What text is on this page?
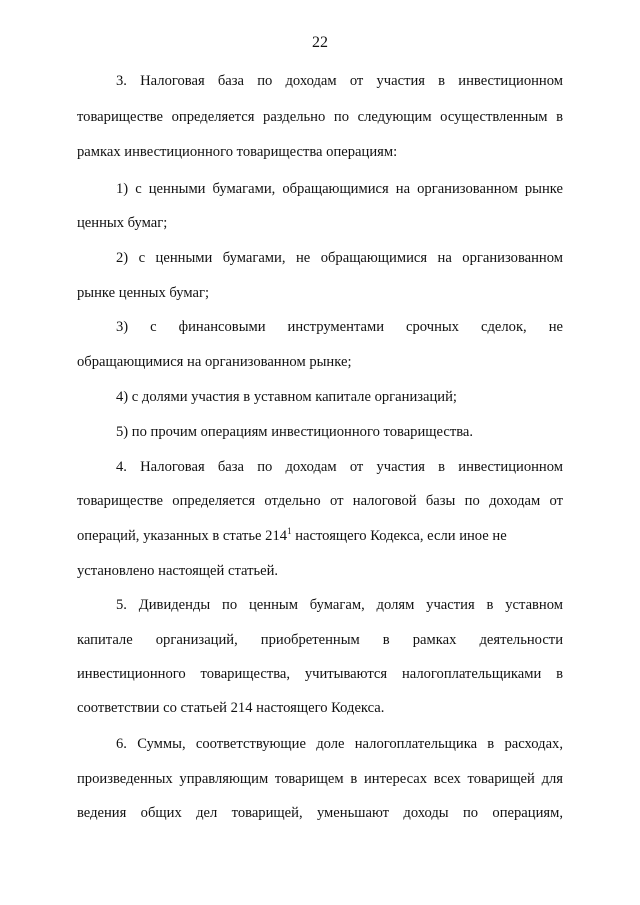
22
3. Налоговая база по доходам от участия в инвестиционном
товариществе определяется раздельно по следующим осуществленным в
рамках инвестиционного товарищества операциям:
1) с ценными бумагами, обращающимися на организованном рынке
ценных бумаг;
2) с ценными бумагами, не обращающимися на организованном
рынке ценных бумаг;
3) с финансовыми инструментами срочных сделок, не
обращающимися на организованном рынке;
4) с долями участия в уставном капитале организаций;
5) по прочим операциям инвестиционного товарищества.
4. Налоговая база по доходам от участия в инвестиционном
товариществе определяется отдельно от налоговой базы по доходам от
операций, указанных в статье $214^1$ настоящего Кодекса, если иное не
установлено настоящей статьей.
5. Дивиденды по ценным бумагам, долям участия в уставном
капитале организаций, приобретенным в рамках деятельности
инвестиционного товарищества, учитываются налогоплательщиками в
соответствии со статьей 214 настоящего Кодекса.
6. Суммы, соответствующие доле налогоплательщика в расходах,
произведенных управляющим товарищем в интересах всех товарищей для
ведения общих дел товарищей, уменьшают доходы по операциям,
